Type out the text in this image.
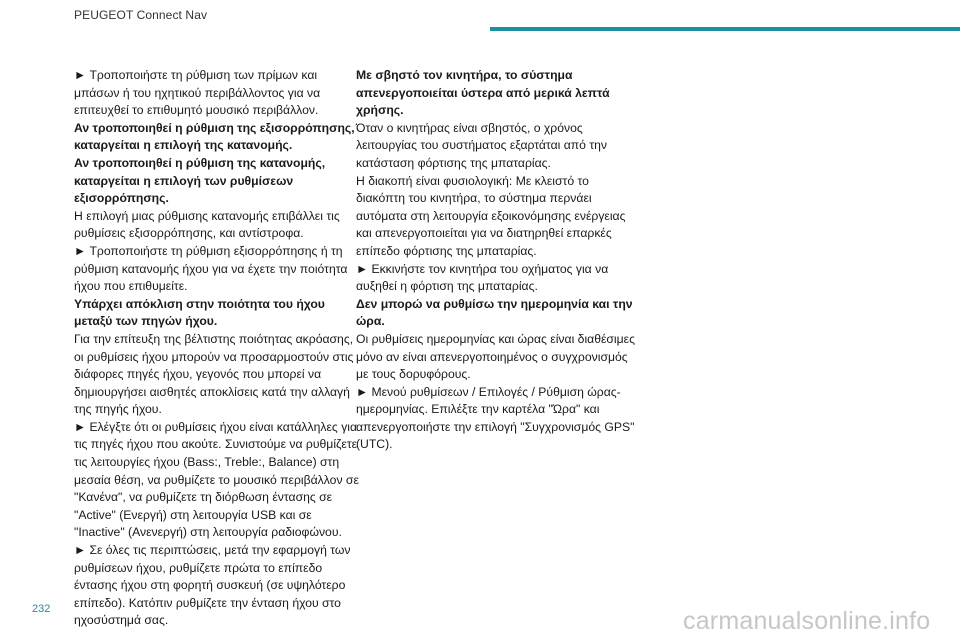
PEUGEOT Connect Nav

► Τροποποιήστε τη ρύθμιση των πρίμων και μπάσων ή του ηχητικού περιβάλλοντος για να επιτευχθεί το επιθυμητό μουσικό περιβάλλον.

Αν τροποποιηθεί η ρύθμιση της εξισορρόπησης, καταργείται η επιλογή της κατανομής.

Αν τροποποιηθεί η ρύθμιση της κατανομής, καταργείται η επιλογή των ρυθμίσεων εξισορρόπησης.

Η επιλογή μιας ρύθμισης κατανομής επιβάλλει τις ρυθμίσεις εξισορρόπησης, και αντίστροφα.

► Τροποποιήστε τη ρύθμιση εξισορρόπησης ή τη ρύθμιση κατανομής ήχου για να έχετε την ποιότητα ήχου που επιθυμείτε.

Υπάρχει απόκλιση στην ποιότητα του ήχου μεταξύ των πηγών ήχου.

Για την επίτευξη της βέλτιστης ποιότητας ακρόασης, οι ρυθμίσεις ήχου μπορούν να προσαρμοστούν στις διάφορες πηγές ήχου, γεγονός που μπορεί να δημιουργήσει αισθητές αποκλίσεις κατά την αλλαγή της πηγής ήχου.

► Ελέγξτε ότι οι ρυθμίσεις ήχου είναι κατάλληλες για τις πηγές ήχου που ακούτε. Συνιστούμε να ρυθμίζετε τις λειτουργίες ήχου (Bass:, Treble:, Balance) στη μεσαία θέση, να ρυθμίζετε το μουσικό περιβάλλον σε "Κανένα", να ρυθμίζετε τη διόρθωση έντασης σε "Active" (Ενεργή) στη λειτουργία USB και σε "Inactive" (Ανενεργή) στη λειτουργία ραδιοφώνου.

► Σε όλες τις περιπτώσεις, μετά την εφαρμογή των ρυθμίσεων ήχου, ρυθμίζετε πρώτα το επίπεδο έντασης ήχου στη φορητή συσκευή (σε υψηλότερο επίπεδο). Κατόπιν ρυθμίζετε την ένταση ήχου στο ηχοσύστημά σας.

Με σβηστό τον κινητήρα, το σύστημα απενεργοποιείται ύστερα από μερικά λεπτά χρήσης.

Όταν ο κινητήρας είναι σβηστός, ο χρόνος λειτουργίας του συστήματος εξαρτάται από την κατάσταση φόρτισης της μπαταρίας.

Η διακοπή είναι φυσιολογική: Με κλειστό το διακόπτη του κινητήρα, το σύστημα περνάει αυτόματα στη λειτουργία εξοικονόμησης ενέργειας και απενεργοποιείται για να διατηρηθεί επαρκές επίπεδο φόρτισης της μπαταρίας.

► Εκκινήστε τον κινητήρα του οχήματος για να αυξηθεί η φόρτιση της μπαταρίας.

Δεν μπορώ να ρυθμίσω την ημερομηνία και την ώρα.

Οι ρυθμίσεις ημερομηνίας και ώρας είναι διαθέσιμες μόνο αν είναι απενεργοποιημένος ο συγχρονισμός με τους δορυφόρους.

► Μενού ρυθμίσεων / Επιλογές / Ρύθμιση ώρας-ημερομηνίας. Επιλέξτε την καρτέλα "Ώρα" και απενεργοποιήστε την επιλογή "Συγχρονισμός GPS" (UTC).

232	carmanualsonline.info
